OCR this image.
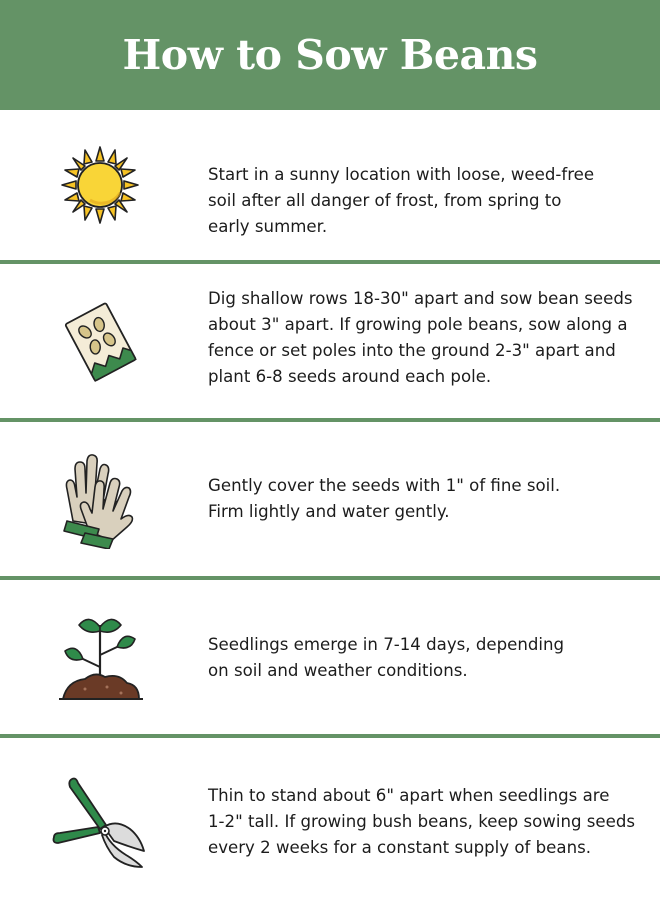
How to Sow Beans

Start in a sunny location with loose, weed-free
soil after all danger of frost, from spring to
early summer.

Dig shallow rows 18-30" apart and sow bean seeds
about 3" apart. If growing pole beans, sow along a
fence or set poles into the ground 2-3" apart and
plant 6-8 seeds around each pole.

Gently cover the seeds with 1" of fine soil.
Firm lightly and water gently.

Seedlings emerge in 7-14 days, depending
on soil and weather conditions.

Thin to stand about 6" apart when seedlings are
1-2" tall. If growing bush beans, keep sowing seeds
every 2 weeks for a constant supply of beans.
